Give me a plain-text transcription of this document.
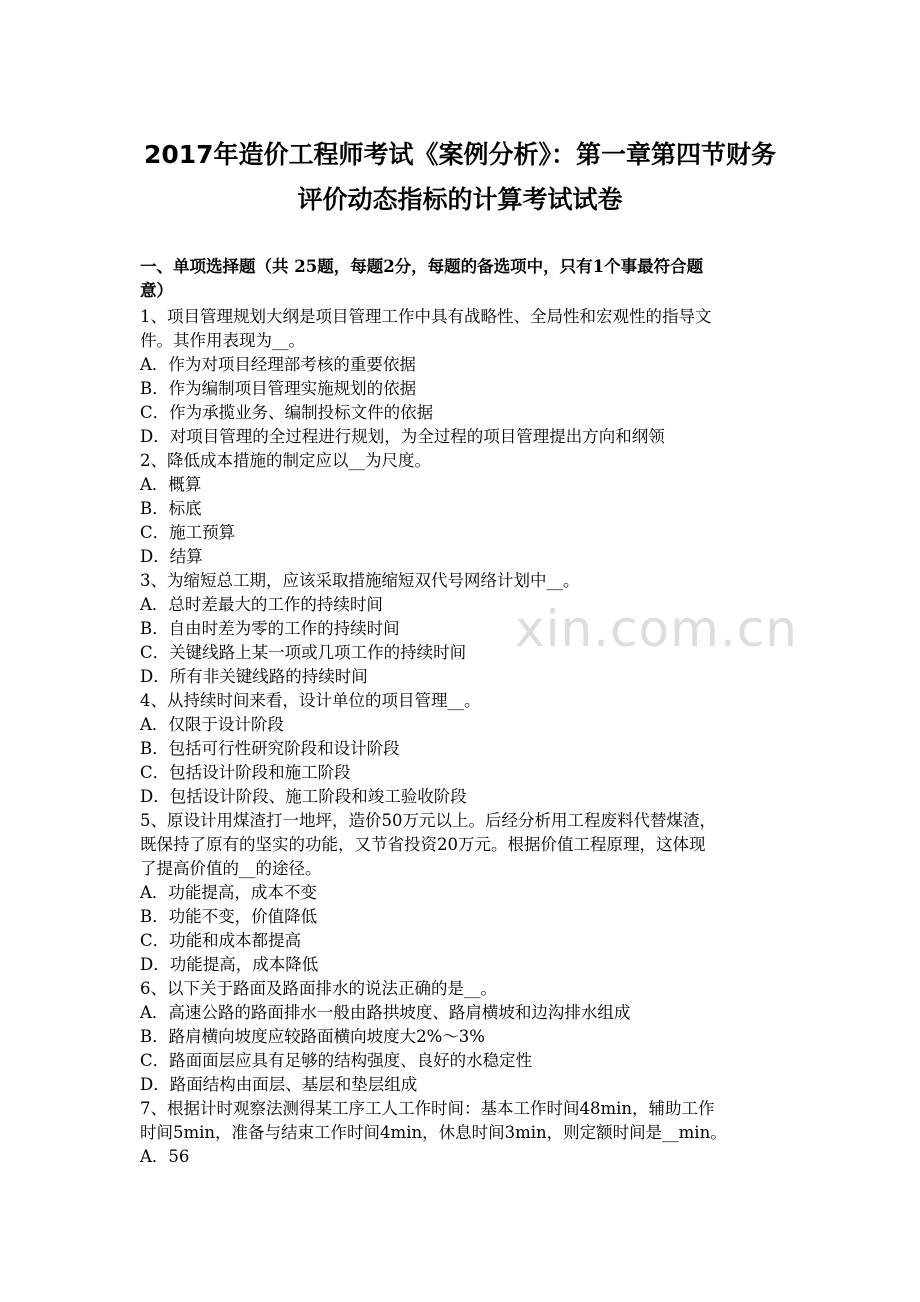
2017年造价工程师考试《案例分析》：第一章第四节财务
评价动态指标的计算考试试卷
xin.com.cn
一、单项选择题（共 25题，每题2分，每题的备选项中，只有1个事最符合题
意）
1、项目管理规划大纲是项目管理工作中具有战略性、全局性和宏观性的指导文
件。其作用表现为__。
A．作为对项目经理部考核的重要依据
B．作为编制项目管理实施规划的依据
C．作为承揽业务、编制投标文件的依据
D．对项目管理的全过程进行规划，为全过程的项目管理提出方向和纲领
2、降低成本措施的制定应以__为尺度。
A．概算
B．标底
C．施工预算
D．结算
3、为缩短总工期，应该采取措施缩短双代号网络计划中__。
A．总时差最大的工作的持续时间
B．自由时差为零的工作的持续时间
C．关键线路上某一项或几项工作的持续时间
D．所有非关键线路的持续时间
4、从持续时间来看，设计单位的项目管理__。
A．仅限于设计阶段
B．包括可行性研究阶段和设计阶段
C．包括设计阶段和施工阶段
D．包括设计阶段、施工阶段和竣工验收阶段
5、原设计用煤渣打一地坪，造价50万元以上。后经分析用工程废料代替煤渣，
既保持了原有的坚实的功能，又节省投资20万元。根据价值工程原理，这体现
了提高价值的__的途径。
A．功能提高，成本不变
B．功能不变，价值降低
C．功能和成本都提高
D．功能提高，成本降低
6、以下关于路面及路面排水的说法正确的是__。
A．高速公路的路面排水一般由路拱坡度、路肩横坡和边沟排水组成
B．路肩横向坡度应较路面横向坡度大2%～3%
C．路面面层应具有足够的结构强度、良好的水稳定性
D．路面结构由面层、基层和垫层组成
7、根据计时观察法测得某工序工人工作时间：基本工作时间48min，辅助工作
时间5min，准备与结束工作时间4min，休息时间3min，则定额时间是__min。
A．56
